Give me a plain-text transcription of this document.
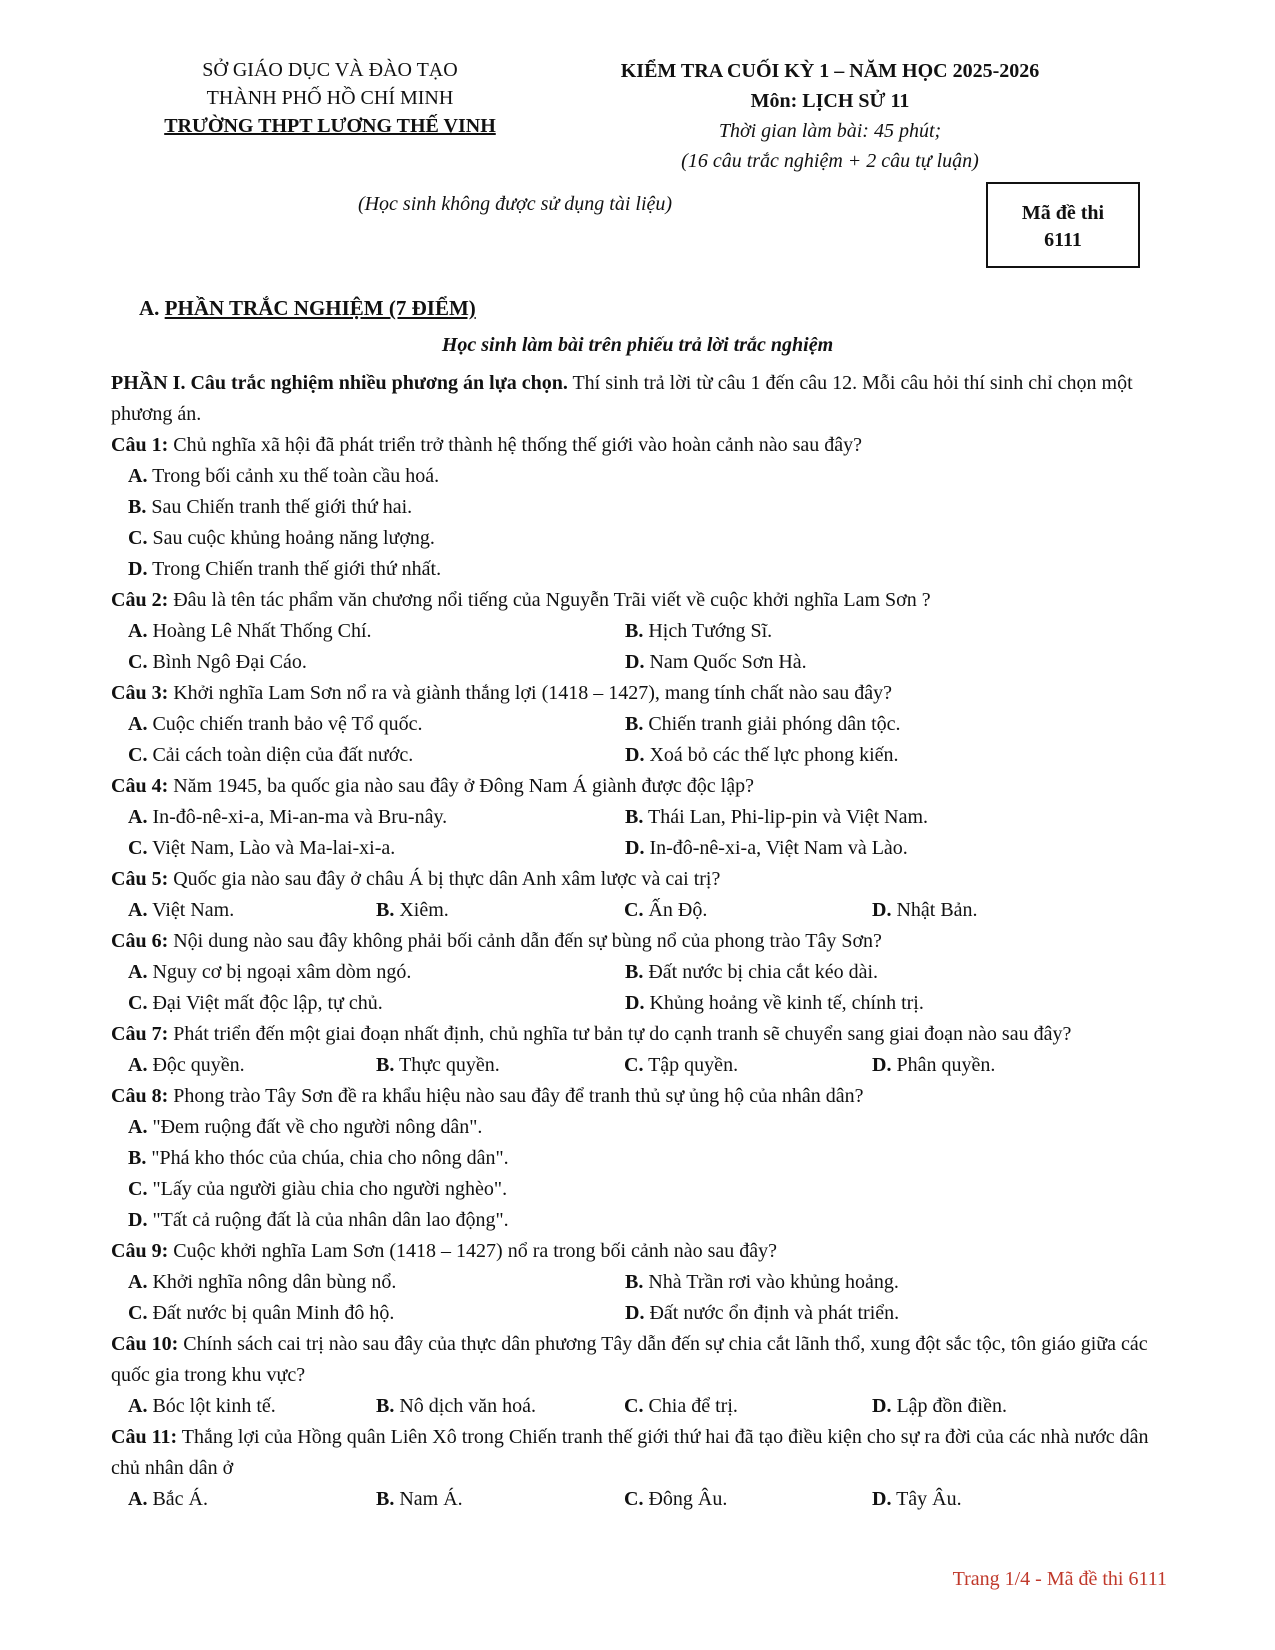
SỞ GIÁO DỤC VÀ ĐÀO TẠO
THÀNH PHỐ HỒ CHÍ MINH
TRƯỜNG THPT LƯƠNG THẾ VINH
KIỂM TRA CUỐI KỲ 1 – NĂM HỌC 2025-2026
Môn: LỊCH SỬ 11
Thời gian làm bài: 45 phút;
(16 câu trắc nghiệm + 2 câu tự luận)
(Học sinh không được sử dụng tài liệu)	Mã đề thi
6111
A. PHẦN TRẮC NGHIỆM (7 ĐIỂM)
Học sinh làm bài trên phiếu trả lời trắc nghiệm

PHẦN I. Câu trắc nghiệm nhiều phương án lựa chọn. Thí sinh trả lời từ câu 1 đến câu 12. Mỗi câu hỏi thí sinh chỉ chọn một phương án.

Câu 1: Chủ nghĩa xã hội đã phát triển trở thành hệ thống thế giới vào hoàn cảnh nào sau đây?

A. Trong bối cảnh xu thế toàn cầu hoá.
B. Sau Chiến tranh thế giới thứ hai.
C. Sau cuộc khủng hoảng năng lượng.
D. Trong Chiến tranh thế giới thứ nhất.

Câu 2: Đâu là tên tác phẩm văn chương nổi tiếng của Nguyễn Trãi viết về cuộc khởi nghĩa Lam Sơn ?

A. Hoàng Lê Nhất Thống Chí.	B. Hịch Tướng Sĩ.
C. Bình Ngô Đại Cáo.	D. Nam Quốc Sơn Hà.

Câu 3: Khởi nghĩa Lam Sơn nổ ra và giành thắng lợi (1418 – 1427), mang tính chất nào sau đây?

A. Cuộc chiến tranh bảo vệ Tổ quốc.	B. Chiến tranh giải phóng dân tộc.
C. Cải cách toàn diện của đất nước.	D. Xoá bỏ các thế lực phong kiến.

Câu 4: Năm 1945, ba quốc gia nào sau đây ở Đông Nam Á giành được độc lập?

A. In-đô-nê-xi-a, Mi-an-ma và Bru-nây.	B. Thái Lan, Phi-lip-pin và Việt Nam.
C. Việt Nam, Lào và Ma-lai-xi-a.	D. In-đô-nê-xi-a, Việt Nam và Lào.

Câu 5: Quốc gia nào sau đây ở châu Á bị thực dân Anh xâm lược và cai trị?

A. Việt Nam.	B. Xiêm.	C. Ấn Độ.	D. Nhật Bản.

Câu 6: Nội dung nào sau đây không phải bối cảnh dẫn đến sự bùng nổ của phong trào Tây Sơn?

A. Nguy cơ bị ngoại xâm dòm ngó.	B. Đất nước bị chia cắt kéo dài.
C. Đại Việt mất độc lập, tự chủ.	D. Khủng hoảng về kinh tế, chính trị.

Câu 7: Phát triển đến một giai đoạn nhất định, chủ nghĩa tư bản tự do cạnh tranh sẽ chuyển sang giai đoạn nào sau đây?

A. Độc quyền.	B. Thực quyền.	C. Tập quyền.	D. Phân quyền.

Câu 8: Phong trào Tây Sơn đề ra khẩu hiệu nào sau đây để tranh thủ sự ủng hộ của nhân dân?

A. "Đem ruộng đất về cho người nông dân".
B. "Phá kho thóc của chúa, chia cho nông dân".
C. "Lấy của người giàu chia cho người nghèo".
D. "Tất cả ruộng đất là của nhân dân lao động".

Câu 9: Cuộc khởi nghĩa Lam Sơn (1418 – 1427) nổ ra trong bối cảnh nào sau đây?

A. Khởi nghĩa nông dân bùng nổ.	B. Nhà Trần rơi vào khủng hoảng.
C. Đất nước bị quân Minh đô hộ.	D. Đất nước ổn định và phát triển.

Câu 10: Chính sách cai trị nào sau đây của thực dân phương Tây dẫn đến sự chia cắt lãnh thổ, xung đột sắc tộc, tôn giáo giữa các quốc gia trong khu vực?

A. Bóc lột kinh tế.	B. Nô dịch văn hoá.	C. Chia để trị.	D. Lập đồn điền.

Câu 11: Thắng lợi của Hồng quân Liên Xô trong Chiến tranh thế giới thứ hai đã tạo điều kiện cho sự ra đời của các nhà nước dân chủ nhân dân ở

A. Bắc Á.	B. Nam Á.	C. Đông Âu.	D. Tây Âu.
Trang 1/4 - Mã đề thi 6111
